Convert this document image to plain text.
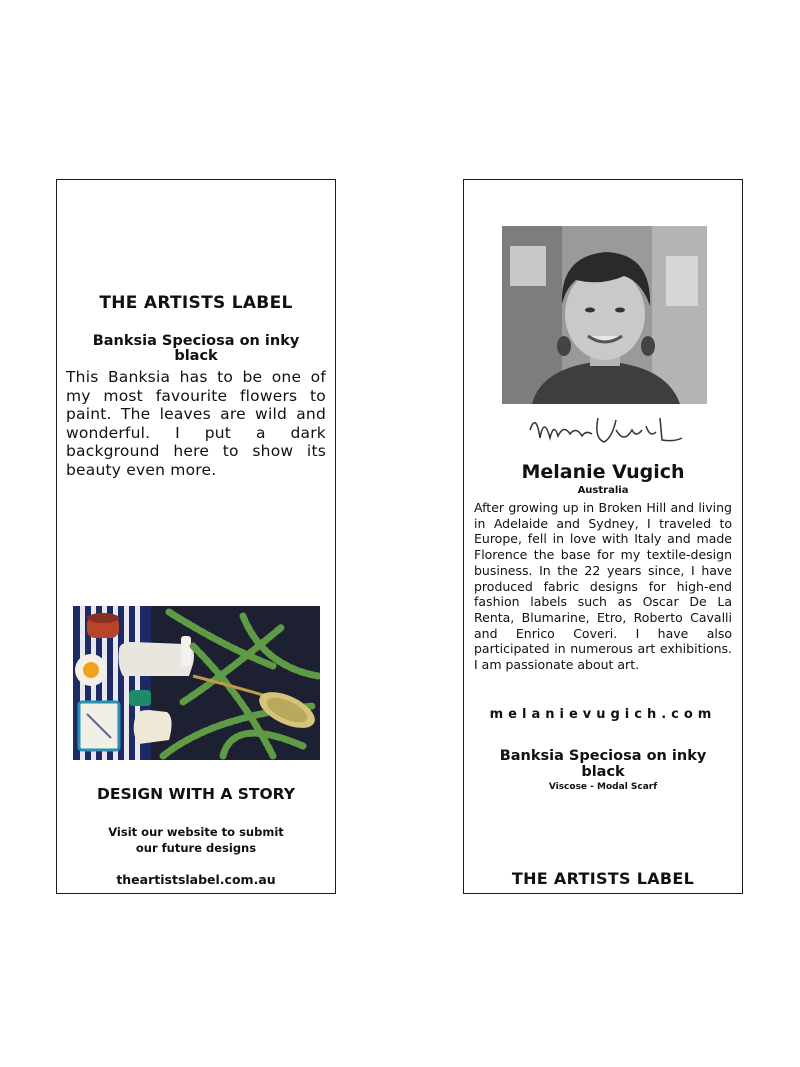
THE ARTISTS LABEL
Banksia Speciosa on inky black
This Banksia has to be one of my most favourite flowers to paint. The leaves are wild and wonderful. I put a dark background here to show its beauty even more.
DESIGN WITH A STORY
Visit our website to submit
our future designs
theartistslabel.com.au
Melanie Vugich
Australia
After growing up in Broken Hill and living in Adelaide and Sydney, I traveled to Europe, fell in love with Italy and made Florence the base for my textile-design business. In the 22 years since, I have produced fabric designs for high-end fashion labels such as Oscar De La Renta, Blumarine, Etro, Roberto Cavalli and Enrico Coveri. I have also participated in numerous art exhibitions. I am passionate about art.
melanievugich.com
Banksia Speciosa on inky black
Viscose - Modal Scarf
THE ARTISTS LABEL
